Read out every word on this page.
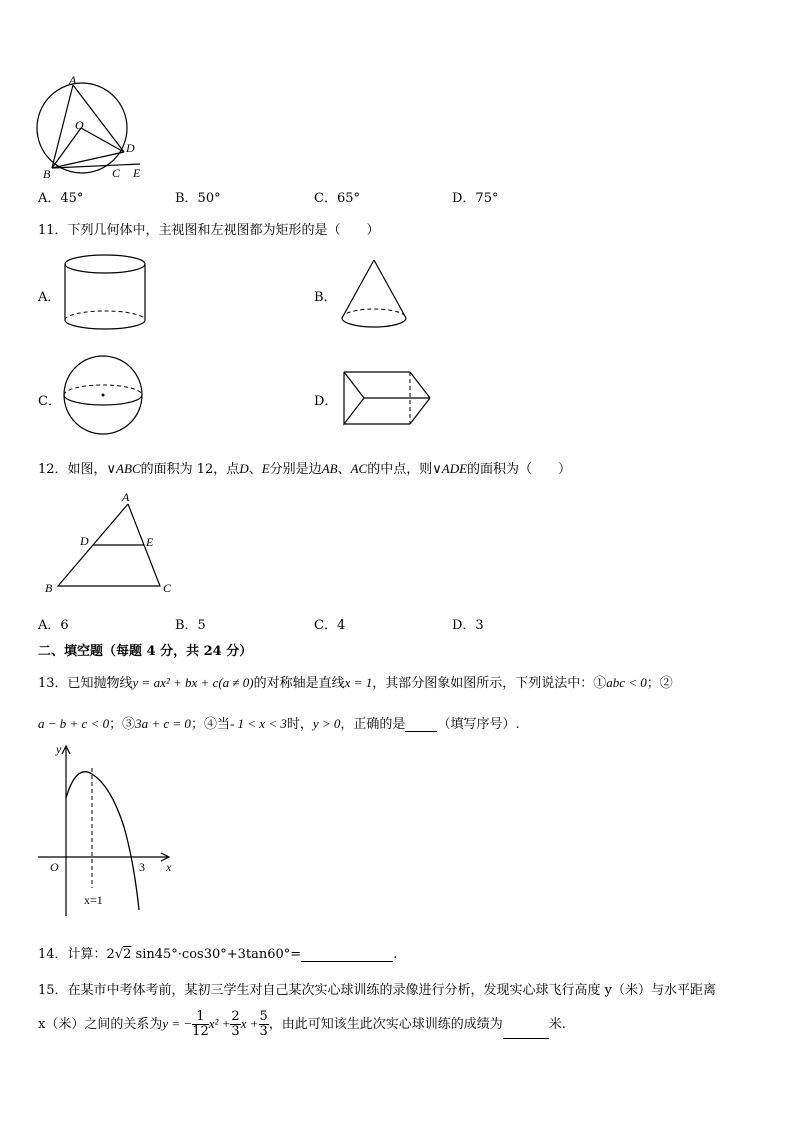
A
O
D
B	C E
A．45°	B．50°	C．65°	D．75°
11．下列几何体中，主视图和左视图都为矩形的是（　　）
A．	B．
C．	D．
12．如图，∨ABC的面积为 12，点D、E分别是边AB、AC的中点，则∨ADE的面积为（　　）
A
D	E
B	C
A．6	B．5	C．4	D．3
二、填空题（每题 4 分，共 24 分）
13．已知抛物线y = ax² + bx + c(a ≠ 0)的对称轴是直线x = 1，其部分图象如图所示，下列说法中：①abc < 0；②
a − b + c < 0；③3a + c = 0；④当- 1 < x < 3时，y > 0，正确的是 （填写序号）.
y
O	3 x
x=1
14．计算：2√2 sin45°·cos30°+3tan60°=	.
15．在某市中考体考前，某初三学生对自己某次实心球训练的录像进行分析，发现实心球飞行高度 y（米）与水平距离
x（米）之间的关系为y = − $\frac{1}{12} x^2 + \frac{2}{3}$ $x + \frac{5}{3}$ ，由此可知该生此次实心球训练的成绩为	米.
